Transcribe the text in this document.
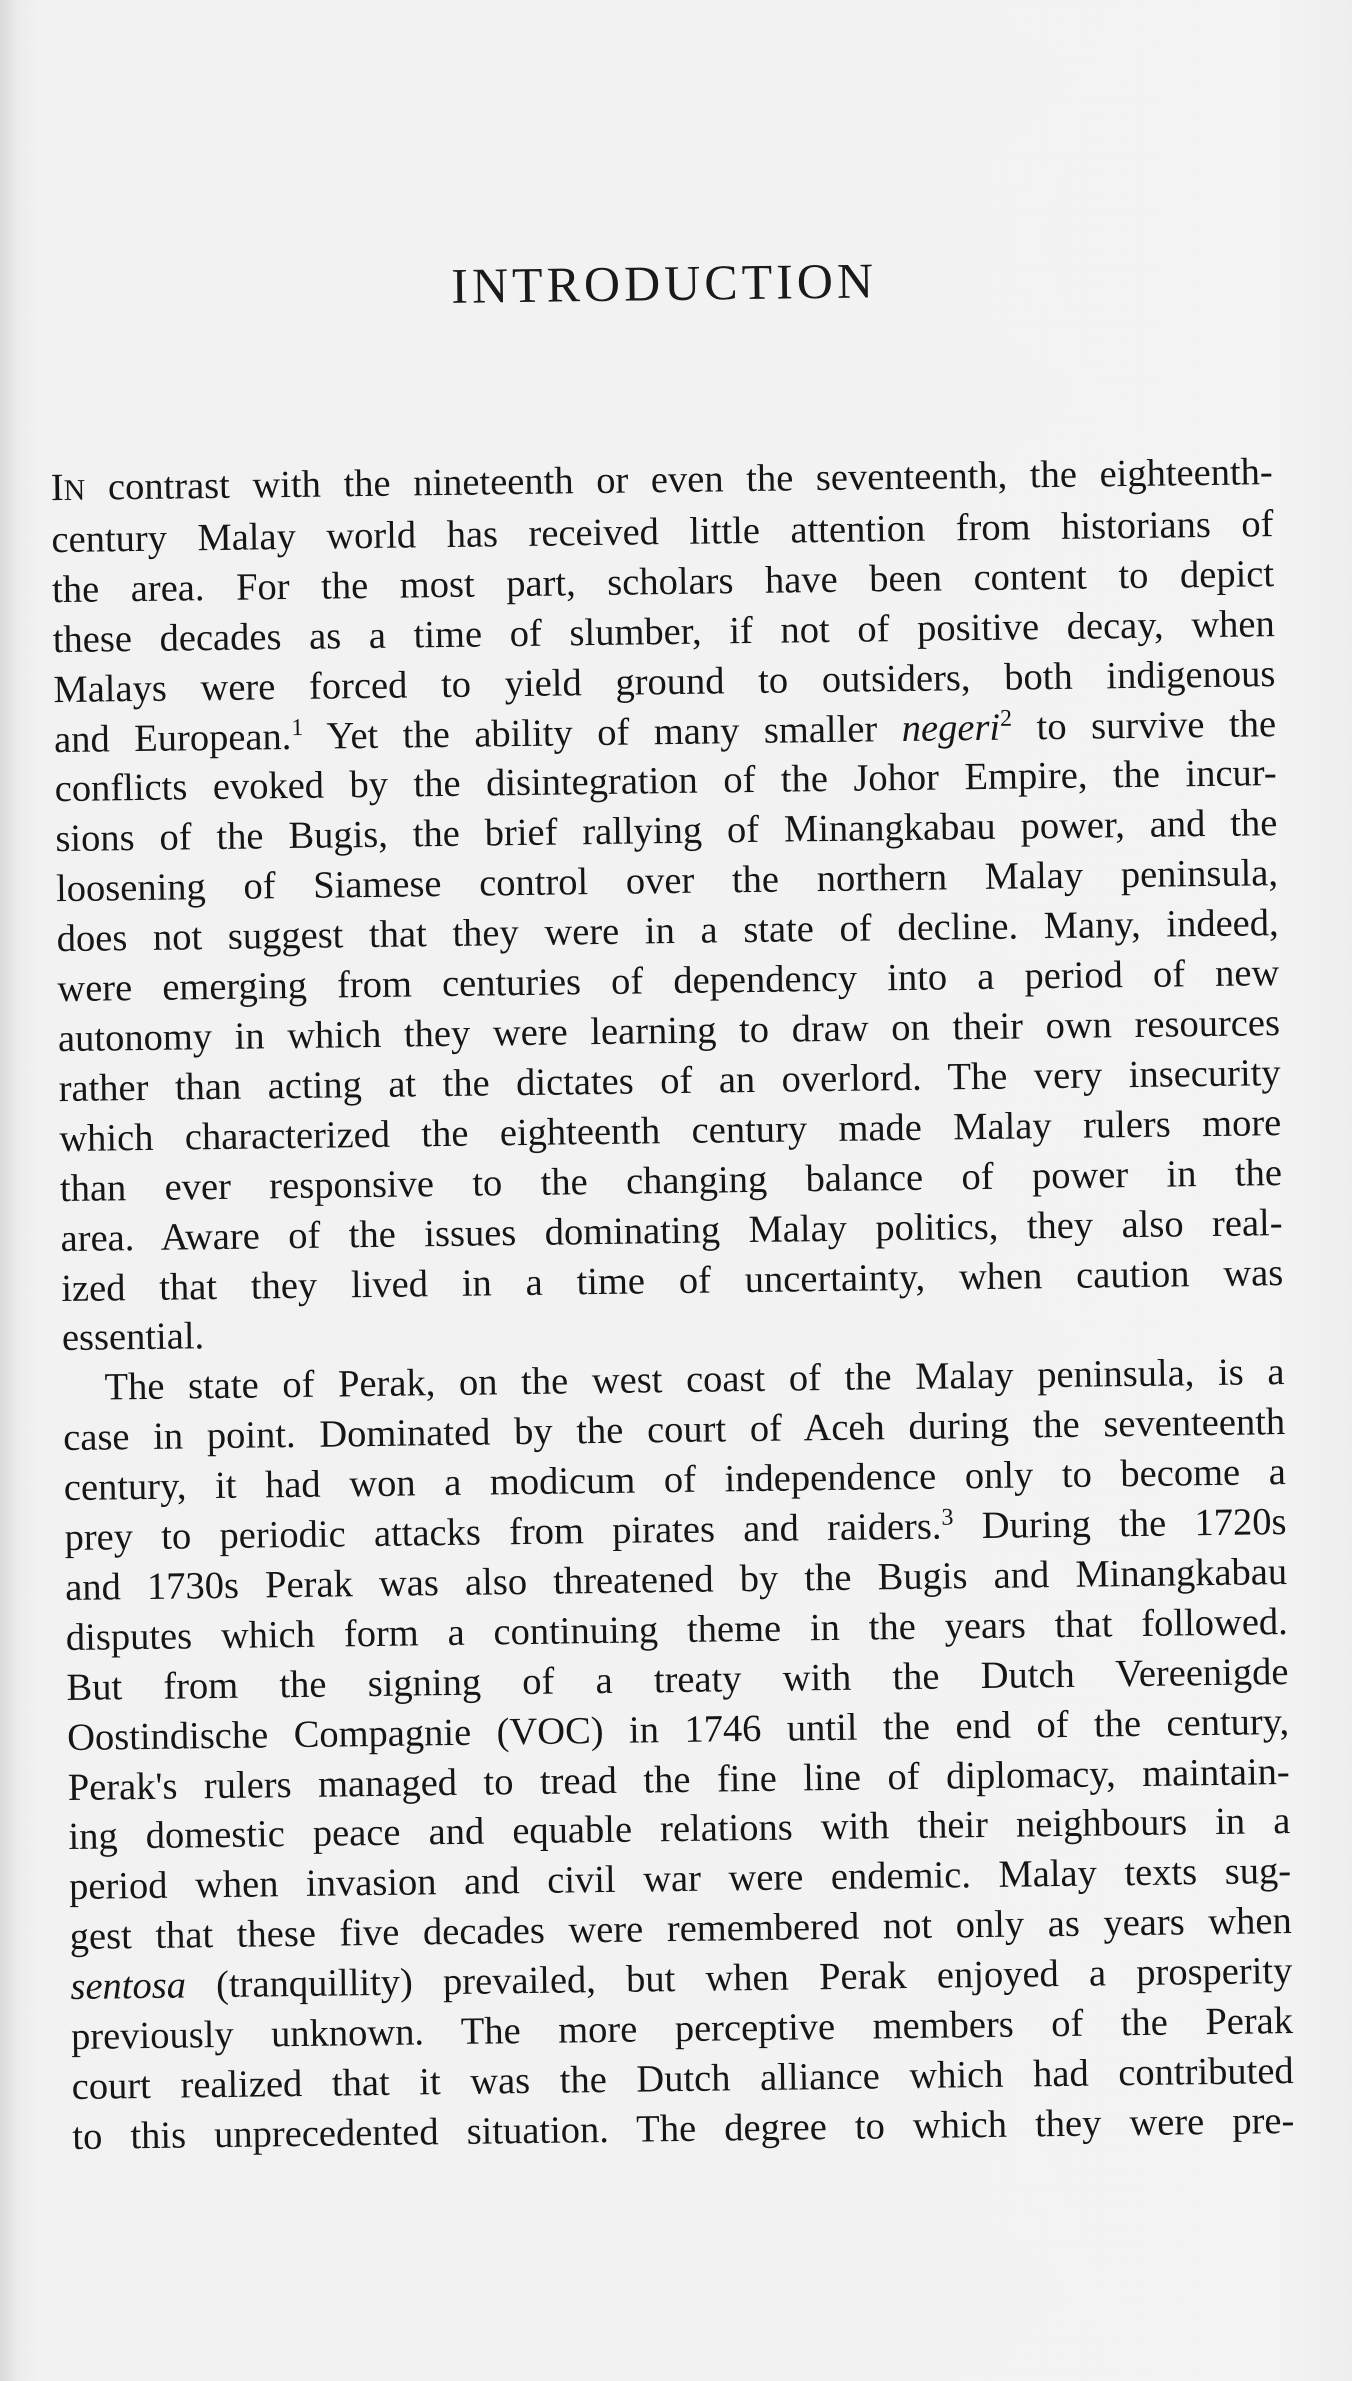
INTRODUCTION
IN contrast with the nineteenth or even the seventeenth, the eighteenth-
century Malay world has received little attention from historians of
the area. For the most part, scholars have been content to depict
these decades as a time of slumber, if not of positive decay, when
Malays were forced to yield ground to outsiders, both indigenous
and European.$^1$ Yet the ability of many smaller negeri$^2$ to survive the
conflicts evoked by the disintegration of the Johor Empire, the incur-
sions of the Bugis, the brief rallying of Minangkabau power, and the
loosening of Siamese control over the northern Malay peninsula,
does not suggest that they were in a state of decline. Many, indeed,
were emerging from centuries of dependency into a period of new
autonomy in which they were learning to draw on their own resources
rather than acting at the dictates of an overlord. The very insecurity
which characterized the eighteenth century made Malay rulers more
than ever responsive to the changing balance of power in the
area. Aware of the issues dominating Malay politics, they also real-
ized that they lived in a time of uncertainty, when caution was
essential.
The state of Perak, on the west coast of the Malay peninsula, is a
case in point. Dominated by the court of Aceh during the seventeenth
century, it had won a modicum of independence only to become a
prey to periodic attacks from pirates and raiders.$^3$ During the 1720s
and 1730s Perak was also threatened by the Bugis and Minangkabau
disputes which form a continuing theme in the years that followed.
But from the signing of a treaty with the Dutch Vereenigde
Oostindische Compagnie (VOC) in 1746 until the end of the century,
Perak's rulers managed to tread the fine line of diplomacy, maintain-
ing domestic peace and equable relations with their neighbours in a
period when invasion and civil war were endemic. Malay texts sug-
gest that these five decades were remembered not only as years when
sentosa (tranquillity) prevailed, but when Perak enjoyed a prosperity
previously unknown. The more perceptive members of the Perak
court realized that it was the Dutch alliance which had contributed
to this unprecedented situation. The degree to which they were pre-
